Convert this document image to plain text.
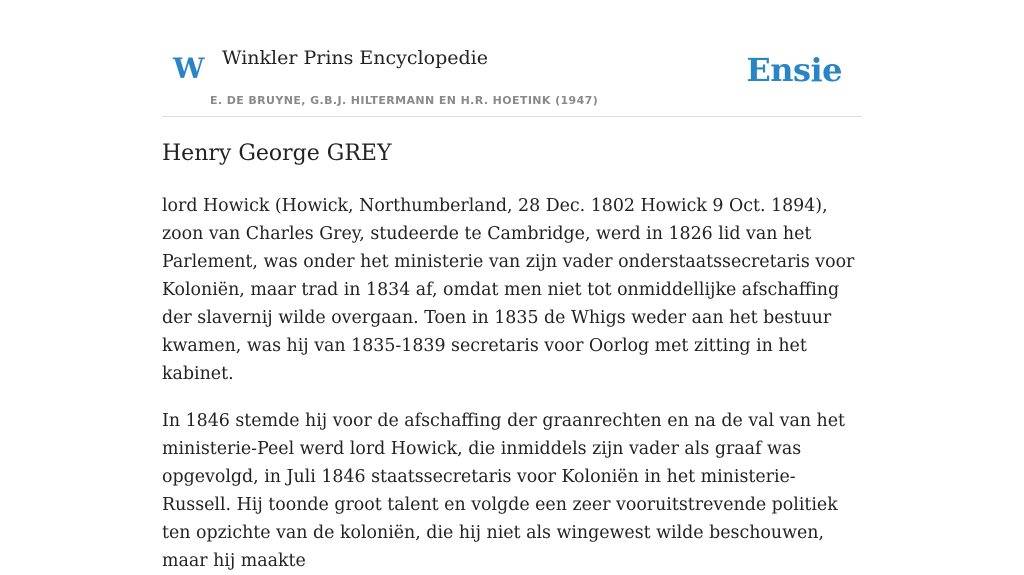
W Winkler Prins Encyclopedie
E. DE BRUYNE, G.B.J. HILTERMANN EN H.R. HOETINK (1947)
Ensie
Henry George GREY

lord Howick (Howick, Northumberland, 28 Dec. 1802 Howick 9 Oct. 1894), zoon van Charles Grey, studeerde te Cambridge, werd in 1826 lid van het Parlement, was onder het ministerie van zijn vader onderstaatssecretaris voor Koloniën, maar trad in 1834 af, omdat men niet tot onmiddellijke afschaffing der slavernij wilde overgaan. Toen in 1835 de Whigs weder aan het bestuur kwamen, was hij van 1835-1839 secretaris voor Oorlog met zitting in het kabinet.

In 1846 stemde hij voor de afschaffing der graanrechten en na de val van het ministerie-Peel werd lord Howick, die inmiddels zijn vader als graaf was opgevolgd, in Juli 1846 staatssecretaris voor Koloniën in het ministerie-Russell. Hij toonde groot talent en volgde een zeer vooruitstrevende politiek ten opzichte van de koloniën, die hij niet als wingewest wilde beschouwen, maar hij maakte
